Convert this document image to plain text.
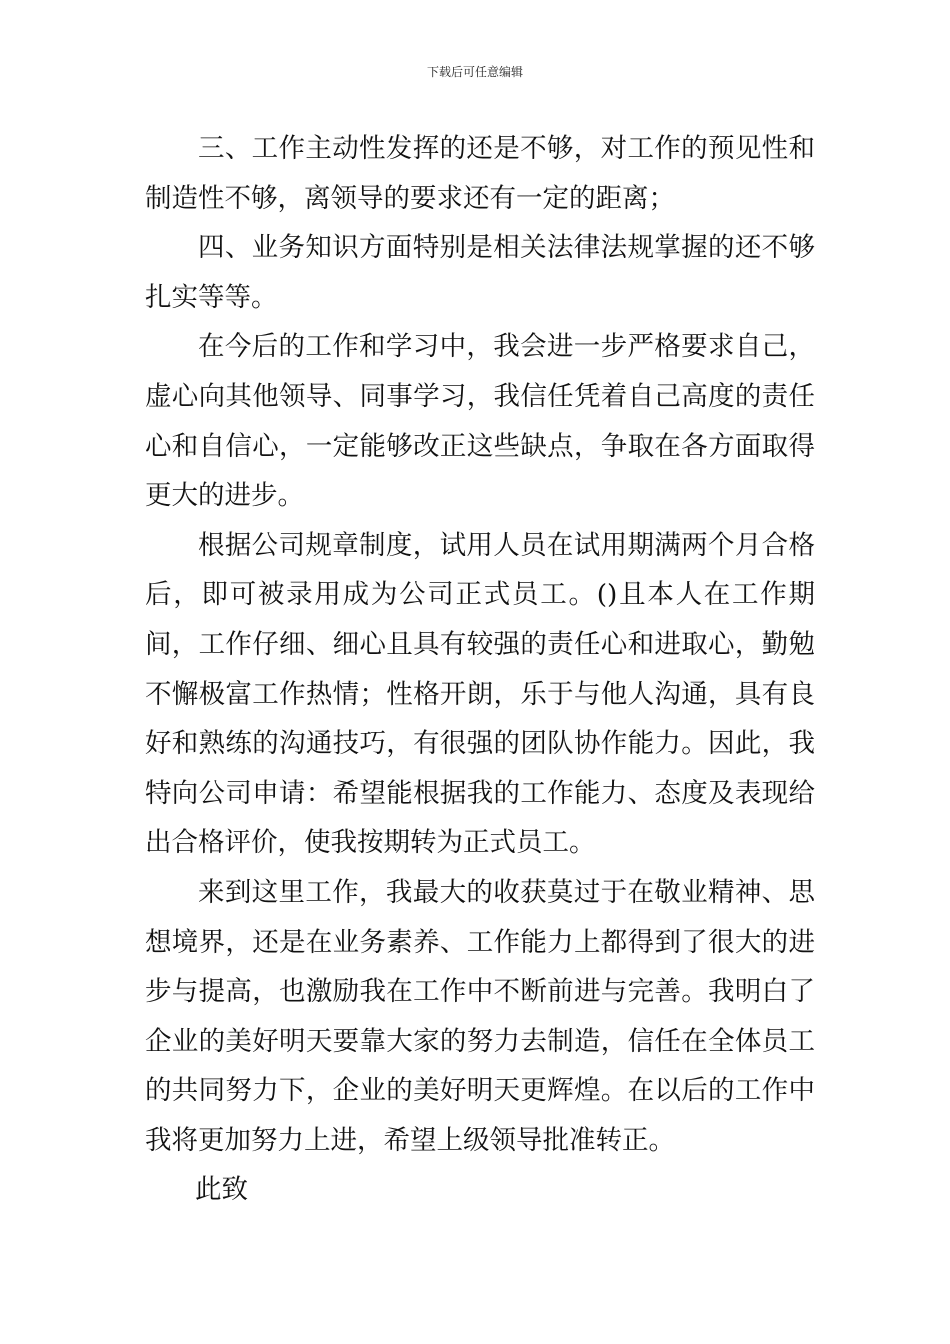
下载后可任意编辑

三、工作主动性发挥的还是不够，对工作的预见性和制造性不够，离领导的要求还有一定的距离；

四、业务知识方面特别是相关法律法规掌握的还不够扎实等等。

在今后的工作和学习中，我会进一步严格要求自己，虚心向其他领导、同事学习，我信任凭着自己高度的责任心和自信心，一定能够改正这些缺点，争取在各方面取得更大的进步。

根据公司规章制度，试用人员在试用期满两个月合格后，即可被录用成为公司正式员工。()且本人在工作期间，工作仔细、细心且具有较强的责任心和进取心，勤勉不懈极富工作热情；性格开朗，乐于与他人沟通，具有良好和熟练的沟通技巧，有很强的团队协作能力。因此，我特向公司申请：希望能根据我的工作能力、态度及表现给出合格评价，使我按期转为正式员工。

来到这里工作，我最大的收获莫过于在敬业精神、思想境界，还是在业务素养、工作能力上都得到了很大的进步与提高，也激励我在工作中不断前进与完善。我明白了企业的美好明天要靠大家的努力去制造，信任在全体员工的共同努力下，企业的美好明天更辉煌。在以后的工作中我将更加努力上进，希望上级领导批准转正。

此致
